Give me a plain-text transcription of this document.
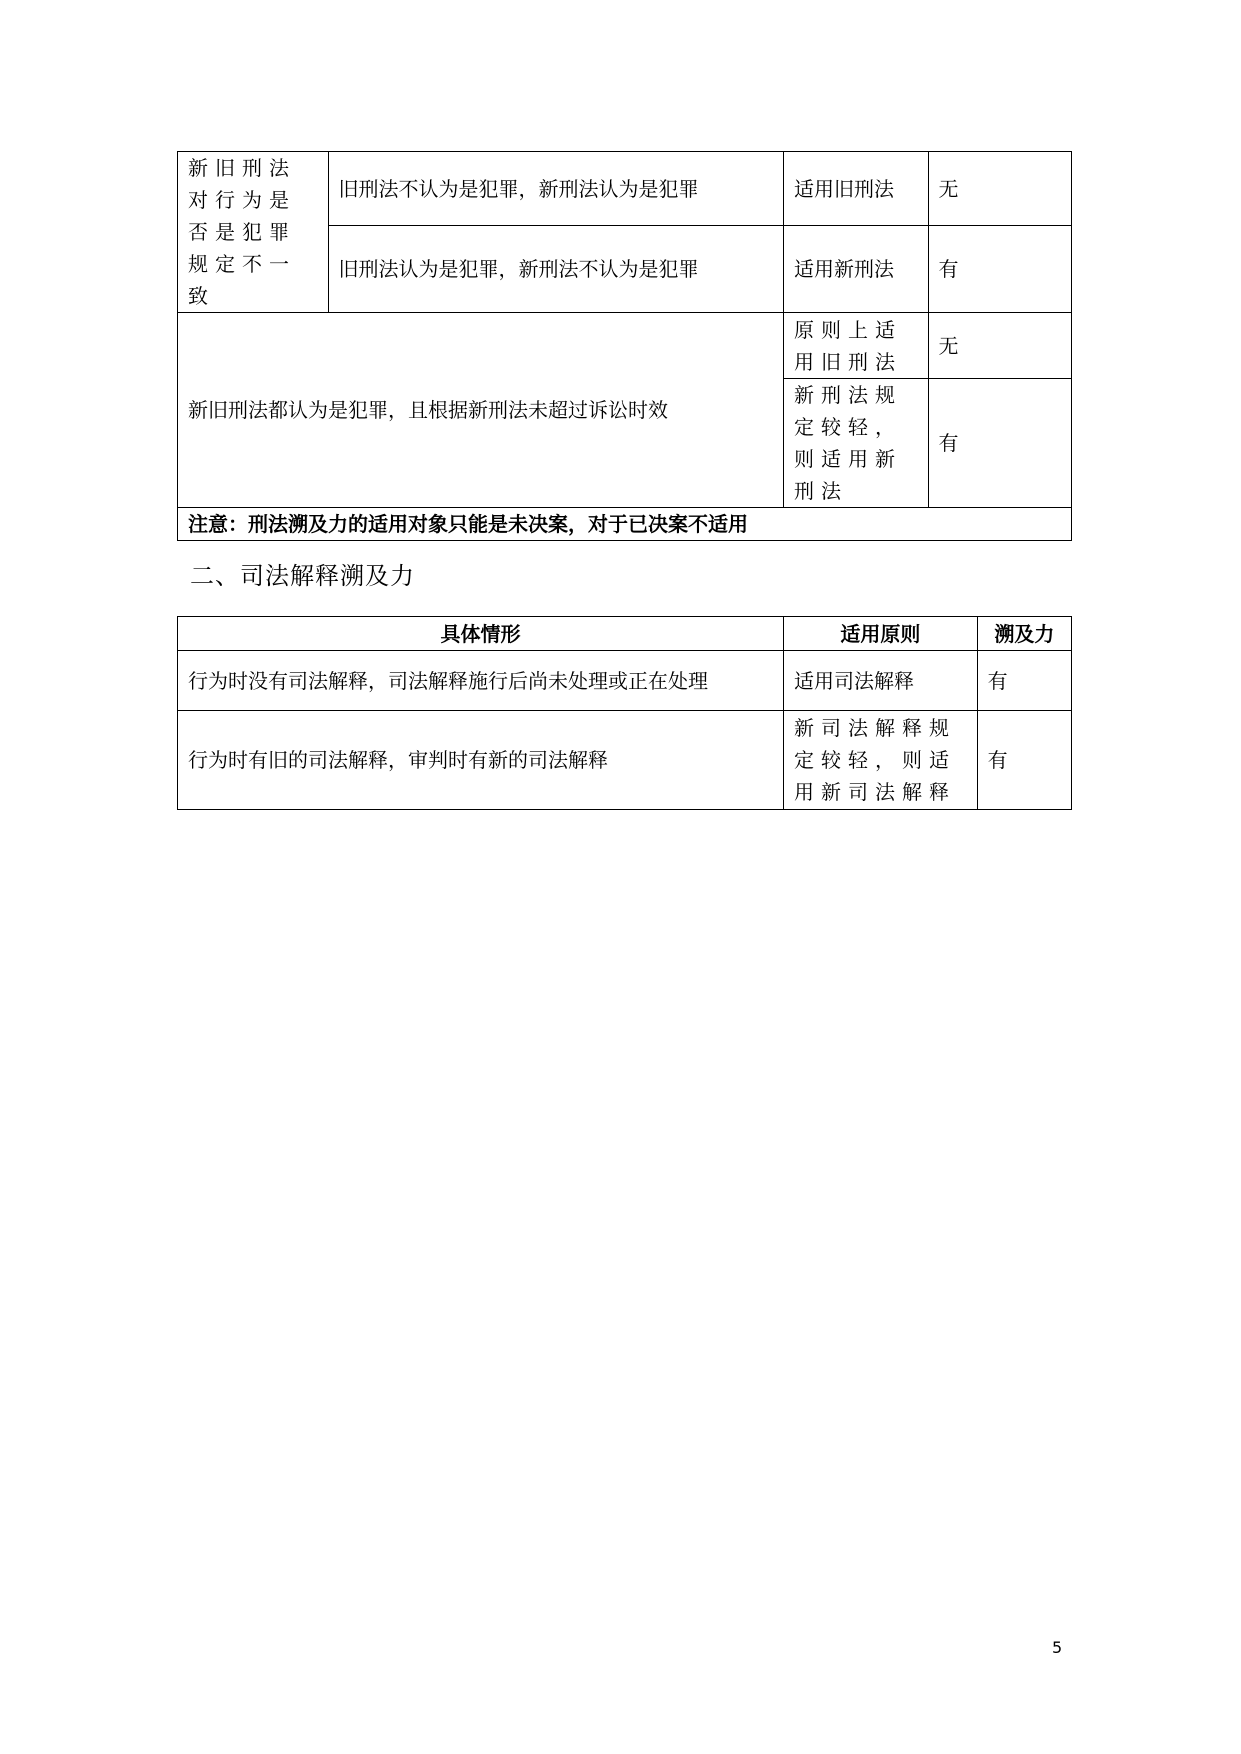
新旧刑法对行为是否是犯罪规定不一致	旧刑法不认为是犯罪，新刑法认为是犯罪	适用旧刑法	无
	旧刑法认为是犯罪，新刑法不认为是犯罪	适用新刑法	有
新旧刑法都认为是犯罪，且根据新刑法未超过诉讼时效		原则上适用旧刑法	无
		新刑法规定较轻，则适用新刑法	有
注意：刑法溯及力的适用对象只能是未决案，对于已决案不适用			
二、司法解释溯及力
具体情形	适用原则	溯及力
行为时没有司法解释，司法解释施行后尚未处理或正在处理	适用司法解释	有
行为时有旧的司法解释，审判时有新的司法解释	新司法解释规定较轻，则适用新司法解释	有
5
